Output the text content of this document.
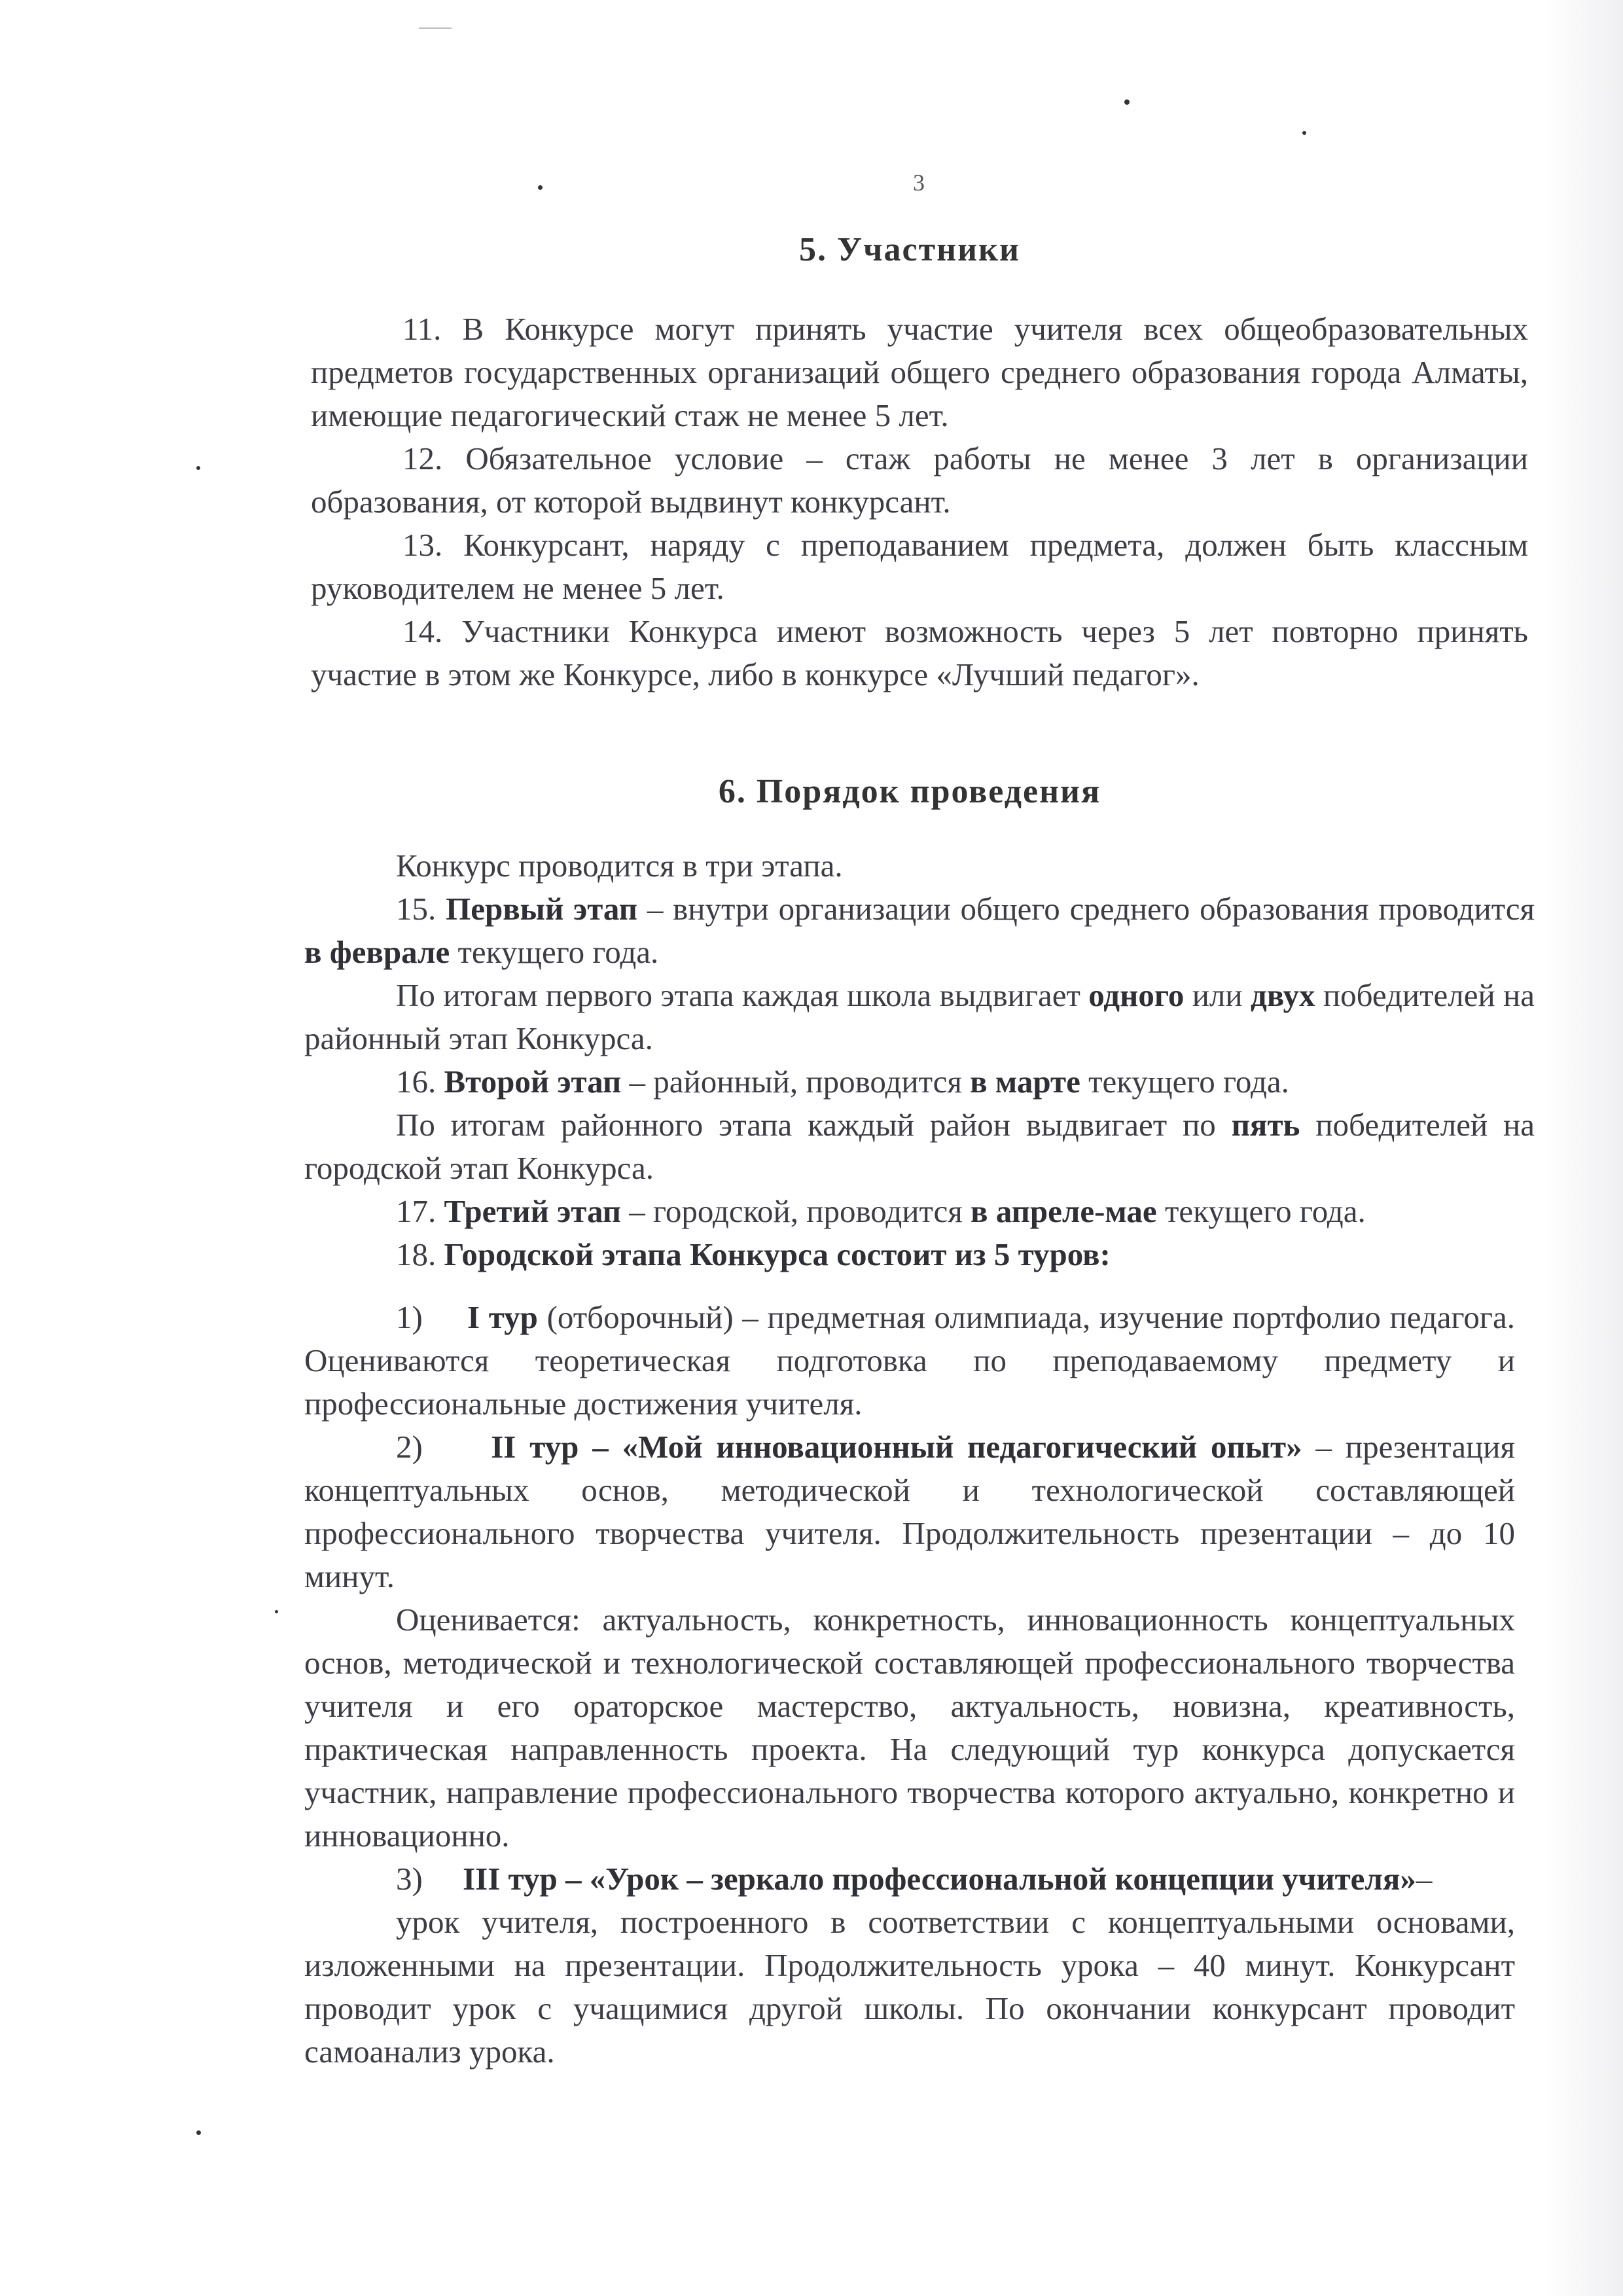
3
5. Участники

11. В Конкурсе могут принять участие учителя всех общеобразовательных предметов государственных организаций общего среднего образования города Алматы, имеющие педагогический стаж не менее 5 лет.

12. Обязательное условие – стаж работы не менее 3 лет в организации образования, от которой выдвинут конкурсант.

13. Конкурсант, наряду с преподаванием предмета, должен быть классным руководителем не менее 5 лет.

14. Участники Конкурса имеют возможность через 5 лет повторно принять участие в этом же Конкурсе, либо в конкурсе «Лучший педагог».

6. Порядок проведения

Конкурс проводится в три этапа.

15. Первый этап – внутри организации общего среднего образования проводится в феврале текущего года.

По итогам первого этапа каждая школа выдвигает одного или двух победителей на районный этап Конкурса.

16. Второй этап – районный, проводится в марте текущего года.

По итогам районного этапа каждый район выдвигает по пять победителей на городской этап Конкурса.

17. Третий этап – городской, проводится в апреле-мае текущего года.

18. Городской этапа Конкурса состоит из 5 туров:

1) I тур (отборочный) – предметная олимпиада, изучение портфолио педагога. Оцениваются теоретическая подготовка по преподаваемому предмету и профессиональные достижения учителя.

2) II тур – «Мой инновационный педагогический опыт» – презентация концептуальных основ, методической и технологической составляющей профессионального творчества учителя. Продолжительность презентации – до 10 минут.

Оценивается: актуальность, конкретность, инновационность концептуальных основ, методической и технологической составляющей профессионального творчества учителя и его ораторское мастерство, актуальность, новизна, креативность, практическая направленность проекта. На следующий тур конкурса допускается участник, направление профессионального творчества которого актуально, конкретно и инновационно.

3) III тур – «Урок – зеркало профессиональной концепции учителя»–

урок учителя, построенного в соответствии с концептуальными основами, изложенными на презентации. Продолжительность урока – 40 минут. Конкурсант проводит урок с учащимися другой школы. По окончании конкурсант проводит самоанализ урока.
